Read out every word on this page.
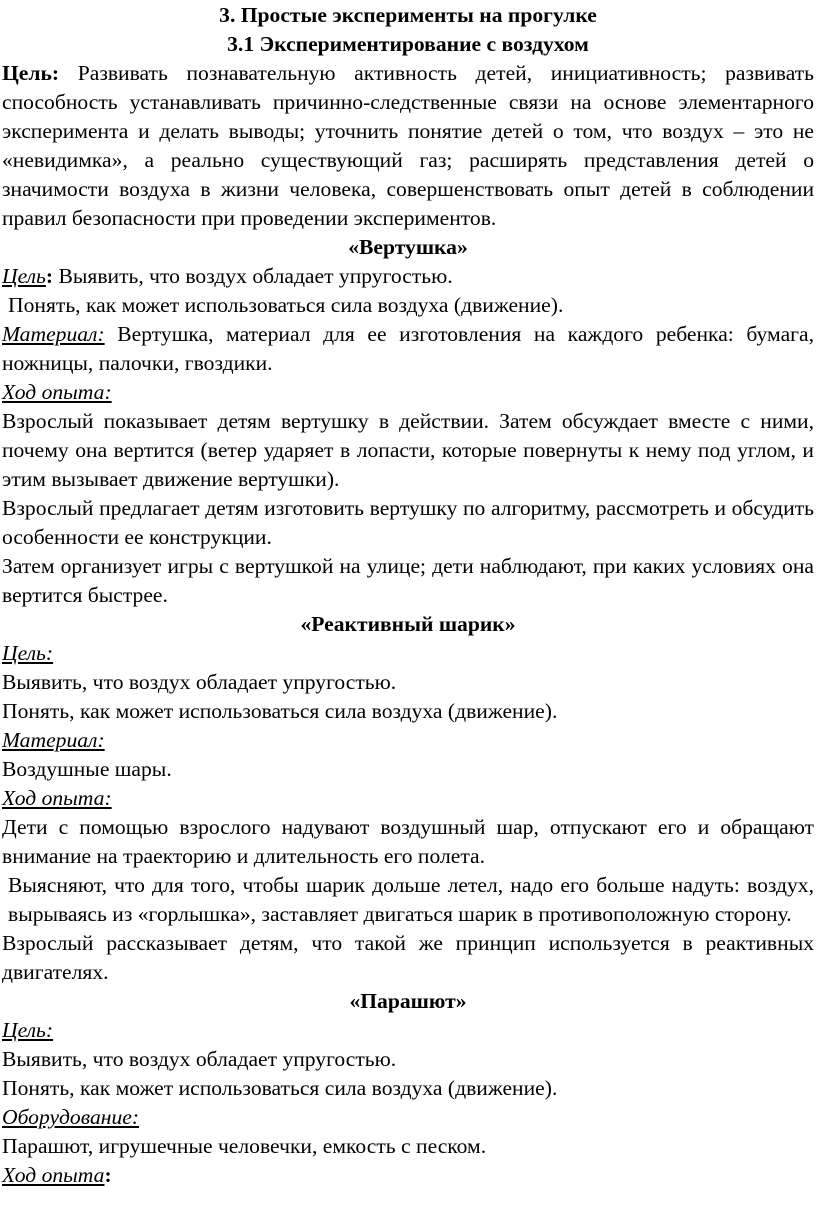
3. Простые эксперименты на прогулке

3.1 Экспериментирование с воздухом

Цель: Развивать познавательную активность детей, инициативность; развивать способность устанавливать причинно-следственные связи на основе элементарного эксперимента и делать выводы; уточнить понятие детей о том, что воздух – это не «невидимка», а реально существующий газ; расширять представления детей о значимости воздуха в жизни человека, совершенствовать опыт детей в соблюдении правил безопасности при проведении экспериментов.

«Вертушка»

Цель: Выявить, что воздух обладает упругостью.

Понять, как может использоваться сила воздуха (движение).

Материал: Вертушка, материал для ее изготовления на каждого ребенка: бумага, ножницы, палочки, гвоздики.

Ход опыта:

Взрослый показывает детям вертушку в действии. Затем обсуждает вместе с ними, почему она вертится (ветер ударяет в лопасти, которые повернуты к нему под углом, и этим вызывает движение вертушки).

Взрослый предлагает детям изготовить вертушку по алгоритму, рассмотреть и обсудить особенности ее конструкции.

Затем организует игры с вертушкой на улице; дети наблюдают, при каких условиях она вертится быстрее.

«Реактивный шарик»

Цель:

Выявить, что воздух обладает упругостью.

Понять, как может использоваться сила воздуха (движение).

Материал:

Воздушные шары.

Ход опыта:

Дети с помощью взрослого надувают воздушный шар, отпускают его и обращают внимание на траекторию и длительность его полета.

Выясняют, что для того, чтобы шарик дольше летел, надо его больше надуть: воздух, вырываясь из «горлышка», заставляет двигаться шарик в противоположную сторону.

Взрослый рассказывает детям, что такой же принцип используется в реактивных двигателях.

«Парашют»

Цель:

Выявить, что воздух обладает упругостью.

Понять, как может использоваться сила воздуха (движение).

Оборудование:

Парашют, игрушечные человечки, емкость с песком.

Ход опыта:
